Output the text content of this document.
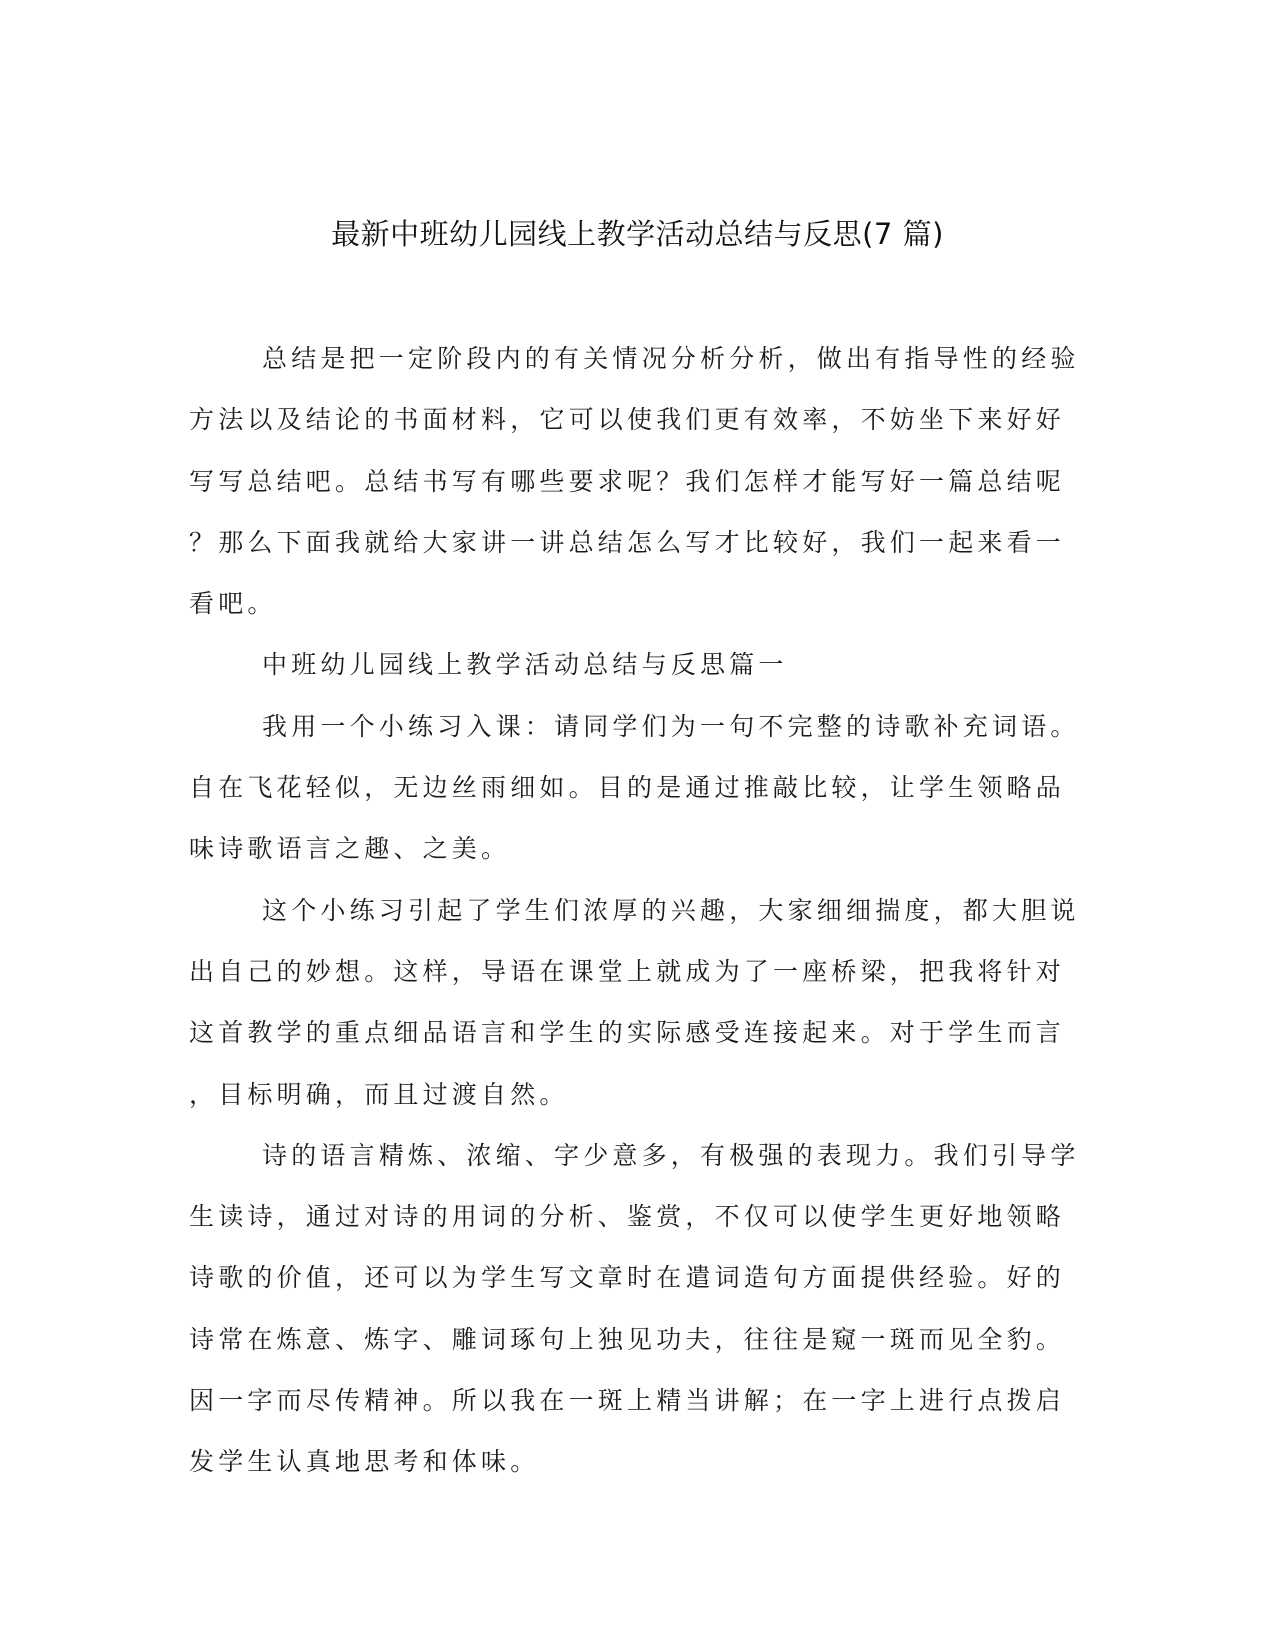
最新中班幼儿园线上教学活动总结与反思(7 篇)
总结是把一定阶段内的有关情况分析分析，做出有指导性的经验
方法以及结论的书面材料，它可以使我们更有效率，不妨坐下来好好
写写总结吧。总结书写有哪些要求呢？我们怎样才能写好一篇总结呢
？那么下面我就给大家讲一讲总结怎么写才比较好，我们一起来看一
看吧。
中班幼儿园线上教学活动总结与反思篇一
我用一个小练习入课：请同学们为一句不完整的诗歌补充词语。
自在飞花轻似，无边丝雨细如。目的是通过推敲比较，让学生领略品
味诗歌语言之趣、之美。
这个小练习引起了学生们浓厚的兴趣，大家细细揣度，都大胆说
出自己的妙想。这样，导语在课堂上就成为了一座桥梁，把我将针对
这首教学的重点细品语言和学生的实际感受连接起来。对于学生而言
，目标明确，而且过渡自然。
诗的语言精炼、浓缩、字少意多，有极强的表现力。我们引导学
生读诗，通过对诗的用词的分析、鉴赏，不仅可以使学生更好地领略
诗歌的价值，还可以为学生写文章时在遣词造句方面提供经验。好的
诗常在炼意、炼字、雕词琢句上独见功夫，往往是窥一斑而见全豹。
因一字而尽传精神。所以我在一斑上精当讲解；在一字上进行点拨启
发学生认真地思考和体味。
